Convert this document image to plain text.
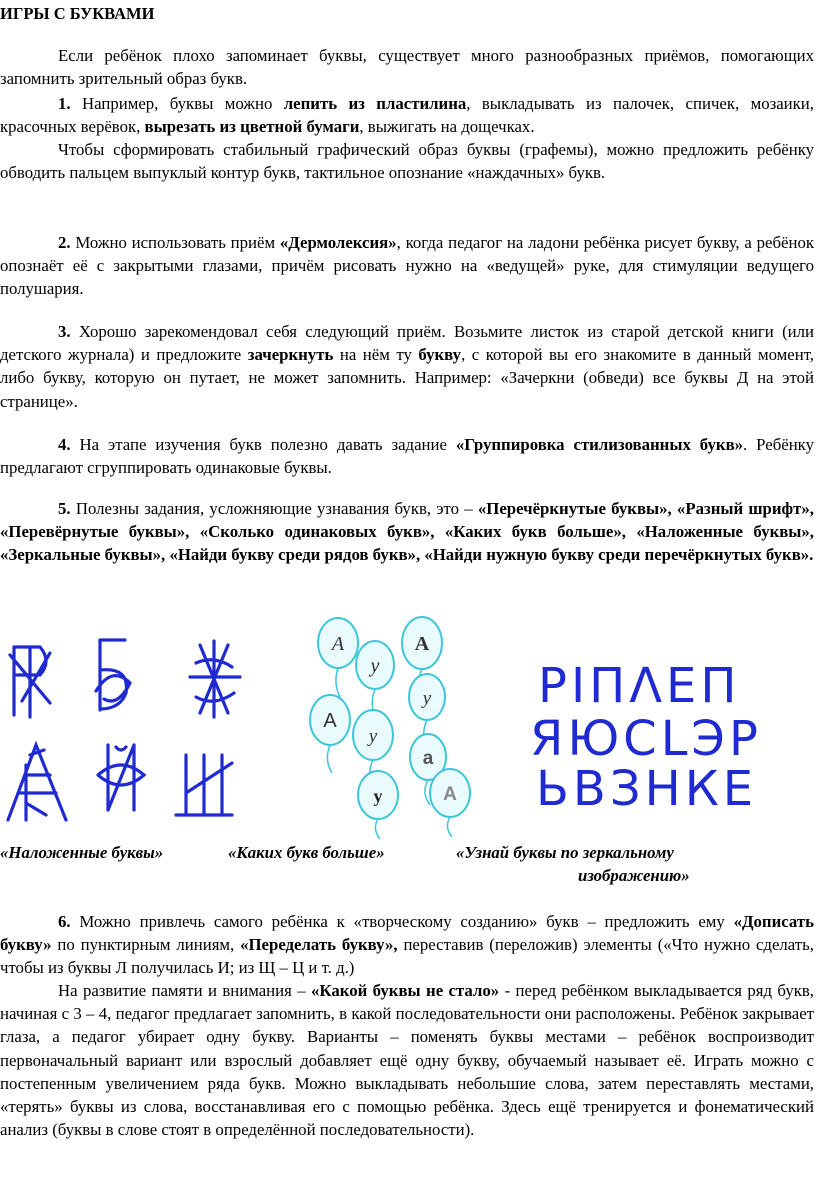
ИГРЫ С БУКВАМИ
Если ребёнок плохо запоминает буквы, существует много разнообразных приёмов, помогающих запомнить зрительный образ букв.
1. Например, буквы можно лепить из пластилина, выкладывать из палочек, спичек, мозаики, красочных верёвок, вырезать из цветной бумаги, выжигать на дощечках.
Чтобы сформировать стабильный графический образ буквы (графемы), можно предложить ребёнку обводить пальцем выпуклый контур букв, тактильное опознание «наждачных» букв.
2. Можно использовать приём «Дермолексия», когда педагог на ладони ребёнка рисует букву, а ребёнок опознаёт её с закрытыми глазами, причём рисовать нужно на «ведущей» руке, для стимуляции ведущего полушария.
3. Хорошо зарекомендовал себя следующий приём. Возьмите листок из старой детской книги (или детского журнала) и предложите зачеркнуть на нём ту букву, с которой вы его знакомите в данный момент, либо букву, которую он путает, не может запомнить. Например: «Зачеркни (обведи) все буквы Д на этой странице».
4. На этапе изучения букв полезно давать задание «Группировка стилизованных букв». Ребёнку предлагают сгруппировать одинаковые буквы.
5. Полезны задания, усложняющие узнавания букв, это – «Перечёркнутые буквы», «Разный шрифт», «Перевёрнутые буквы», «Сколько одинаковых букв», «Каких букв больше», «Наложенные буквы», «Зеркальные буквы», «Найди букву среди рядов букв», «Найди нужную букву среди перечёркнутых букв».
А
у
А
у
А
у
а
у	А
РІПΛЕП
ЯЮСLЭР
ЬВЗНКЕ
«Наложенные буквы»	«Каких букв больше»	«Узнай буквы по зеркальному
изображению»
6. Можно привлечь самого ребёнка к «творческому созданию» букв – предложить ему «Дописать букву» по пунктирным линиям, «Переделать букву», переставив (переложив) элементы («Что нужно сделать, чтобы из буквы Л получилась И; из Щ – Ц и т. д.)
На развитие памяти и внимания – «Какой буквы не стало» - перед ребёнком выкладывается ряд букв, начиная с 3 – 4, педагог предлагает запомнить, в какой последовательности они расположены. Ребёнок закрывает глаза, а педагог убирает одну букву. Варианты – поменять буквы местами – ребёнок воспроизводит первоначальный вариант или взрослый добавляет ещё одну букву, обучаемый называет её. Играть можно с постепенным увеличением ряда букв. Можно выкладывать небольшие слова, затем переставлять местами, «терять» буквы из слова, восстанавливая его с помощью ребёнка. Здесь ещё тренируется и фонематический анализ (буквы в слове стоят в определённой последовательности).
